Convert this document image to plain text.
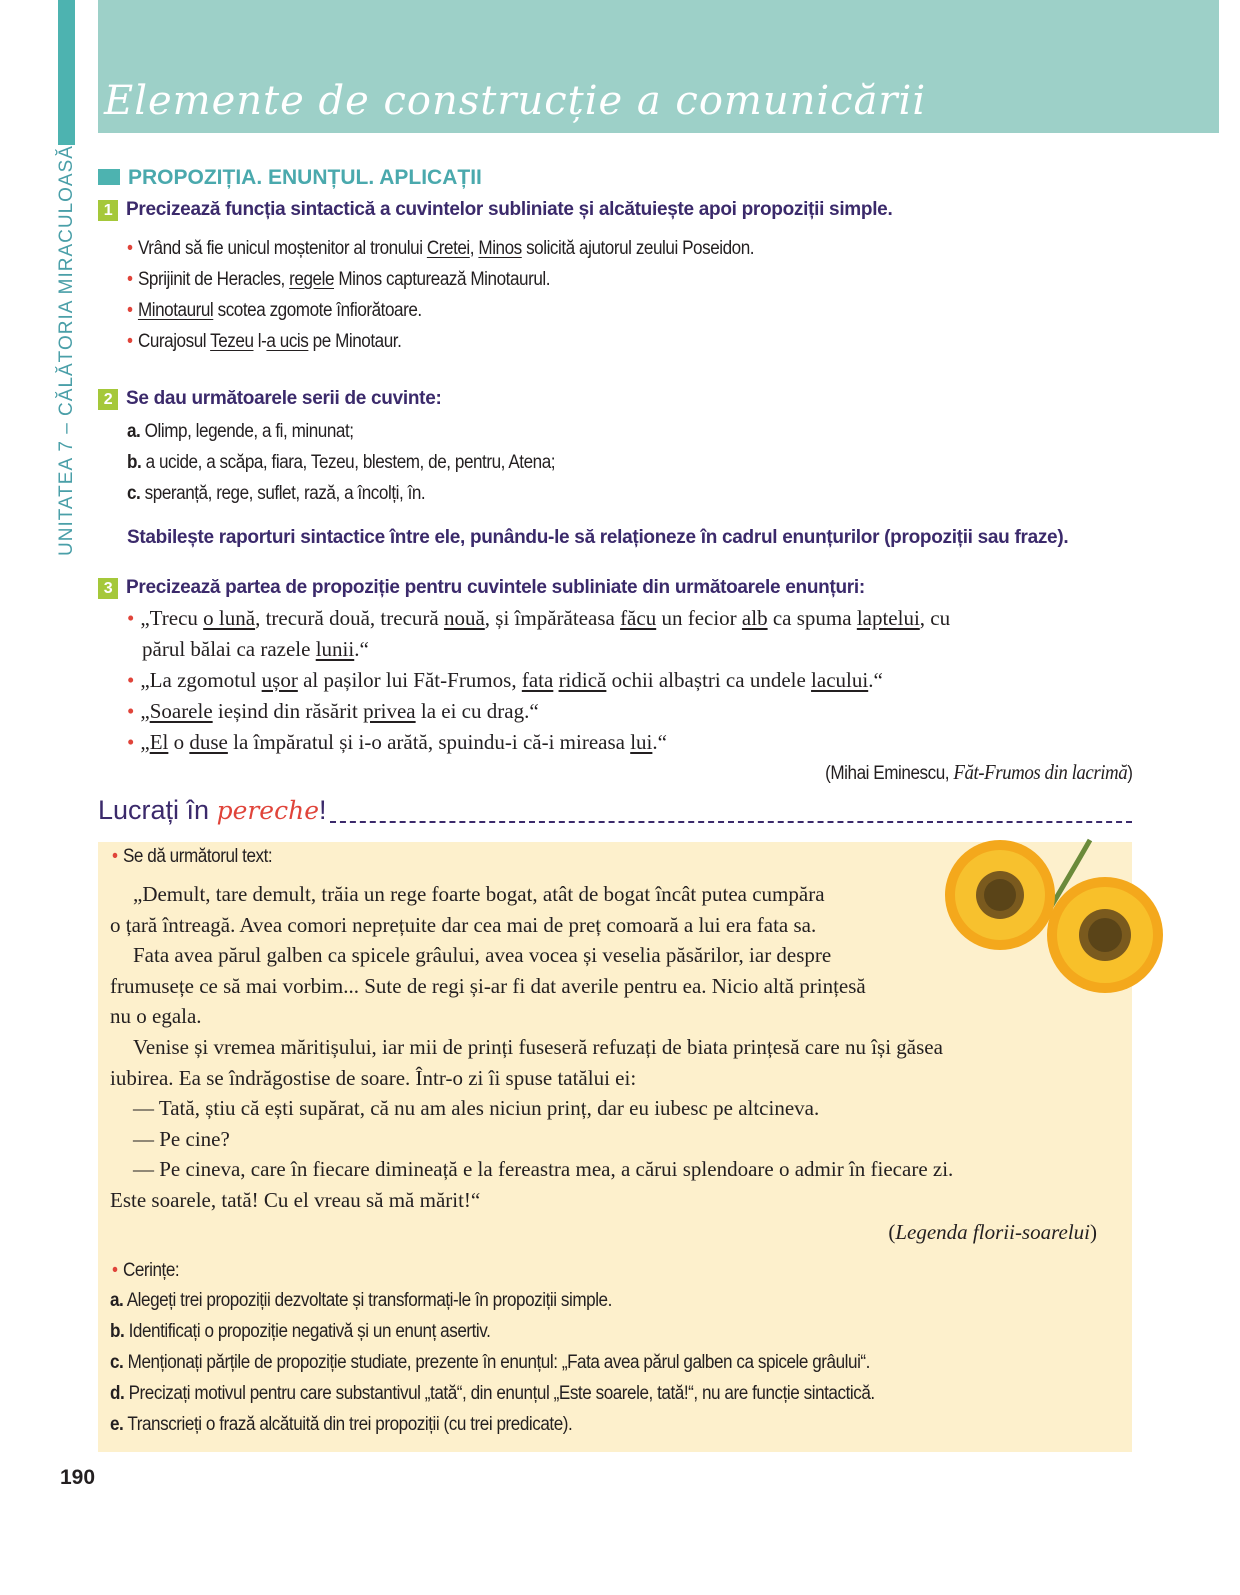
UNITATEA 7 – CĂLĂTORIA MIRACULOASĂ
Elemente de construcție a comunicării
PROPOZIȚIA. ENUNȚUL. APLICAȚII
1 Precizează funcția sintactică a cuvintelor subliniate și alcătuiește apoi propoziții simple.
2 Se dau următoarele serii de cuvinte:
Stabilește raporturi sintactice între ele, punându-le să relaționeze în cadrul enunțurilor (propoziții sau fraze).
3 Precizează partea de propoziție pentru cuvintele subliniate din următoarele enunțuri:
(Mihai Eminescu, Făt-Frumos din lacrimă)
Lucrați în pereche!
• Se dă următorul text:
(Legenda florii-soarelui)
• Cerințe:
190
• Vrând să fie unicul moștenitor al tronului Cretei, Minos solicită ajutorul zeului Poseidon.
• Sprijinit de Heracles, regele Minos capturează Minotaurul.
• Minotaurul scotea zgomote înfiorătoare.
• Curajosul Tezeu l-a ucis pe Minotaur.
a. Olimp, legende, a fi, minunat;
b. a ucide, a scăpa, fiara, Tezeu, blestem, de, pentru, Atena;
c. speranță, rege, suflet, rază, a încolți, în.
• „Trecu o lună, trecură două, trecură nouă, și împărăteasa făcu un fecior alb ca spuma laptelui, cu
părul bălai ca razele lunii.“
• „La zgomotul ușor al pașilor lui Făt-Frumos, fata ridică ochii albaștri ca undele lacului.“
• „Soarele ieșind din răsărit privea la ei cu drag.“
• „El o duse la împăratul și i-o arătă, spuindu-i că-i mireasa lui.“
„Demult, tare demult, trăia un rege foarte bogat, atât de bogat încât putea cumpăra
o țară întreagă. Avea comori neprețuite dar cea mai de preț comoară a lui era fata sa.
Fata avea părul galben ca spicele grâului, avea vocea și veselia păsărilor, iar despre
frumusețe ce să mai vorbim... Sute de regi și-ar fi dat averile pentru ea. Nicio altă prințesă
nu o egala.
Venise și vremea măritișului, iar mii de prinți fuseseră refuzați de biata prințesă care nu își găsea
iubirea. Ea se îndrăgostise de soare. Într-o zi îi spuse tatălui ei:
— Tată, știu că ești supărat, că nu am ales niciun prinț, dar eu iubesc pe altcineva.
— Pe cine?
— Pe cineva, care în fiecare dimineață e la fereastra mea, a cărui splendoare o admir în fiecare zi.
Este soarele, tată! Cu el vreau să mă mărit!“
a. Alegeți trei propoziții dezvoltate și transformați-le în propoziții simple.
b. Identificați o propoziție negativă și un enunț asertiv.
c. Menționați părțile de propoziție studiate, prezente în enunțul: „Fata avea părul galben ca spicele grâului“.
d. Precizați motivul pentru care substantivul „tată“, din enunțul „Este soarele, tată!“, nu are funcție sintactică.
e. Transcrieți o frază alcătuită din trei propoziții (cu trei predicate).
